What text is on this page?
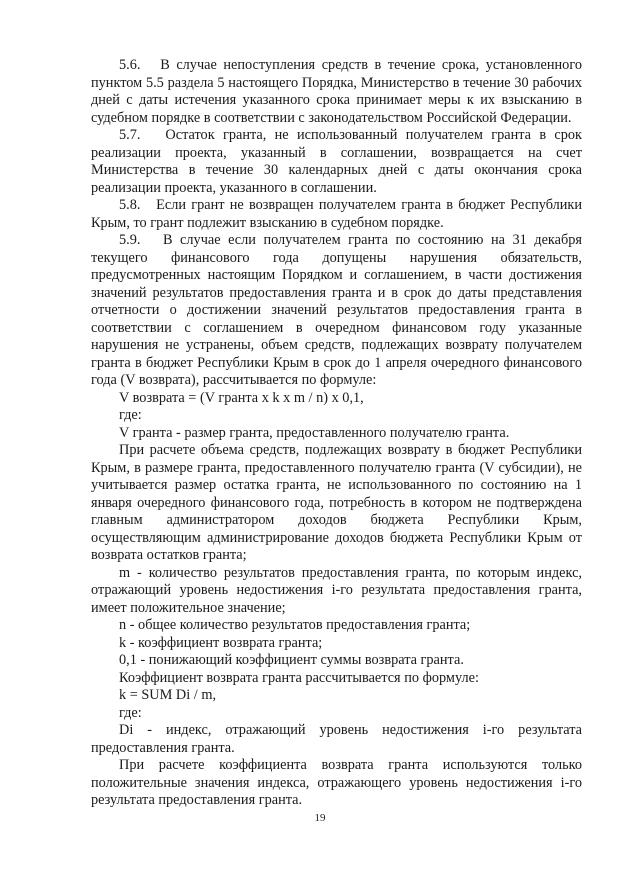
5.6.   В случае непоступления средств в течение срока, установленного пунктом 5.5 раздела 5 настоящего Порядка, Министерство в течение 30 рабочих дней с даты истечения указанного срока принимает меры к их взысканию в судебном порядке в соответствии с законодательством Российской Федерации.

5.7.   Остаток гранта, не использованный получателем гранта в срок реализации проекта, указанный в соглашении, возвращается на счет Министерства в течение 30 календарных дней с даты окончания срока реализации проекта, указанного в соглашении.

5.8.   Если грант не возвращен получателем гранта в бюджет Республики Крым, то грант подлежит взысканию в судебном порядке.

5.9.   В случае если получателем гранта по состоянию на 31 декабря текущего финансового года допущены нарушения обязательств, предусмотренных настоящим Порядком и соглашением, в части достижения значений результатов предоставления гранта и в срок до даты представления отчетности о достижении значений результатов предоставления гранта в соответствии с соглашением в очередном финансовом году указанные нарушения не устранены, объем средств, подлежащих возврату получателем гранта в бюджет Республики Крым в срок до 1 апреля очередного финансового года (V возврата), рассчитывается по формуле:

V возврата = (V гранта x k x m / n) x 0,1,

где:

V гранта - размер гранта, предоставленного получателю гранта.

При расчете объема средств, подлежащих возврату в бюджет Республики Крым, в размере гранта, предоставленного получателю гранта (V субсидии), не учитывается размер остатка гранта, не использованного по состоянию на 1 января очередного финансового года, потребность в котором не подтверждена главным администратором доходов бюджета Республики Крым, осуществляющим администрирование доходов бюджета Республики Крым от возврата остатков гранта;

m - количество результатов предоставления гранта, по которым индекс, отражающий уровень недостижения i-го результата предоставления гранта, имеет положительное значение;

n - общее количество результатов предоставления гранта;

k - коэффициент возврата гранта;

0,1 - понижающий коэффициент суммы возврата гранта.

Коэффициент возврата гранта рассчитывается по формуле:

k = SUM Di / m,

где:

Di - индекс, отражающий уровень недостижения i-го результата предоставления гранта.

При расчете коэффициента возврата гранта используются только положительные значения индекса, отражающего уровень недостижения i-го результата предоставления гранта.

19
